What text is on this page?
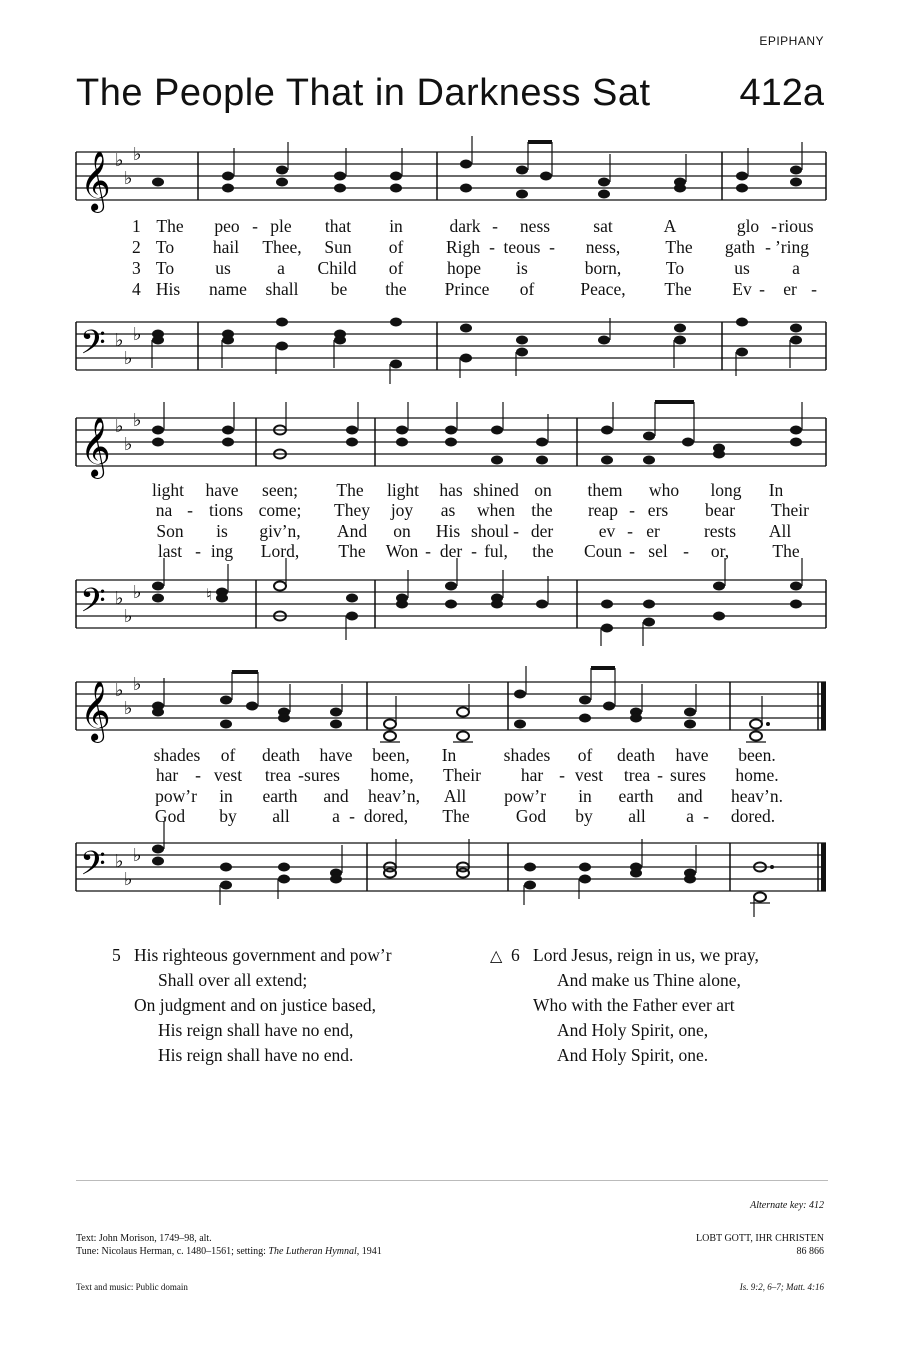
EPIPHANY
The People That in Darkness Sat 412a
𝄞
𝄢
♭
♭
♭
♭
♭
♭
1 The peo - ple that in	dark - ness sat	A	glo - rious
2 To hail Thee, Sun of Righ - teous - ness,	The gath - ’ring
3 To us	a Child of hope is	born,	To	us a
4 His name shall be the Prince of	Peace, The Ev - er -
𝄞
𝄢
♭
♭
♭
♭
♭
♭	♮
light have seen; The light has shined on them who long In
na - tions come; They joy as when the reap - ers bear Their
Son is giv’n, And on His shoul - der	ev - er	rests All
last - ing Lord, The Won - der - ful, the Coun - sel - or, The
𝄞
𝄢
♭
♭
♭
♭
♭
♭
shades of death have been, In	shades of death have been.
har - vest trea - sures home, Their har - vest trea - sures home.
pow’r in earth and heav’n, All pow’r in earth and heav’n.
God by all a - dored, The	God by all a - dored.
5 His righteous government and pow’r
Shall over all extend;
On judgment and on justice based,
His reign shall have no end,
His reign shall have no end.
△ 6 Lord Jesus, reign in us, we pray,
And make us Thine alone,
Who with the Father ever art
And Holy Spirit, one,
And Holy Spirit, one.
Alternate key: 412
Text: John Morison, 1749–98, alt.
Tune: Nicolaus Herman, c. 1480–1561; setting: The Lutheran Hymnal, 1941
LOBT GOTT, IHR CHRISTEN
86 866
Text and music: Public domain	Is. 9:2, 6–7; Matt. 4:16
